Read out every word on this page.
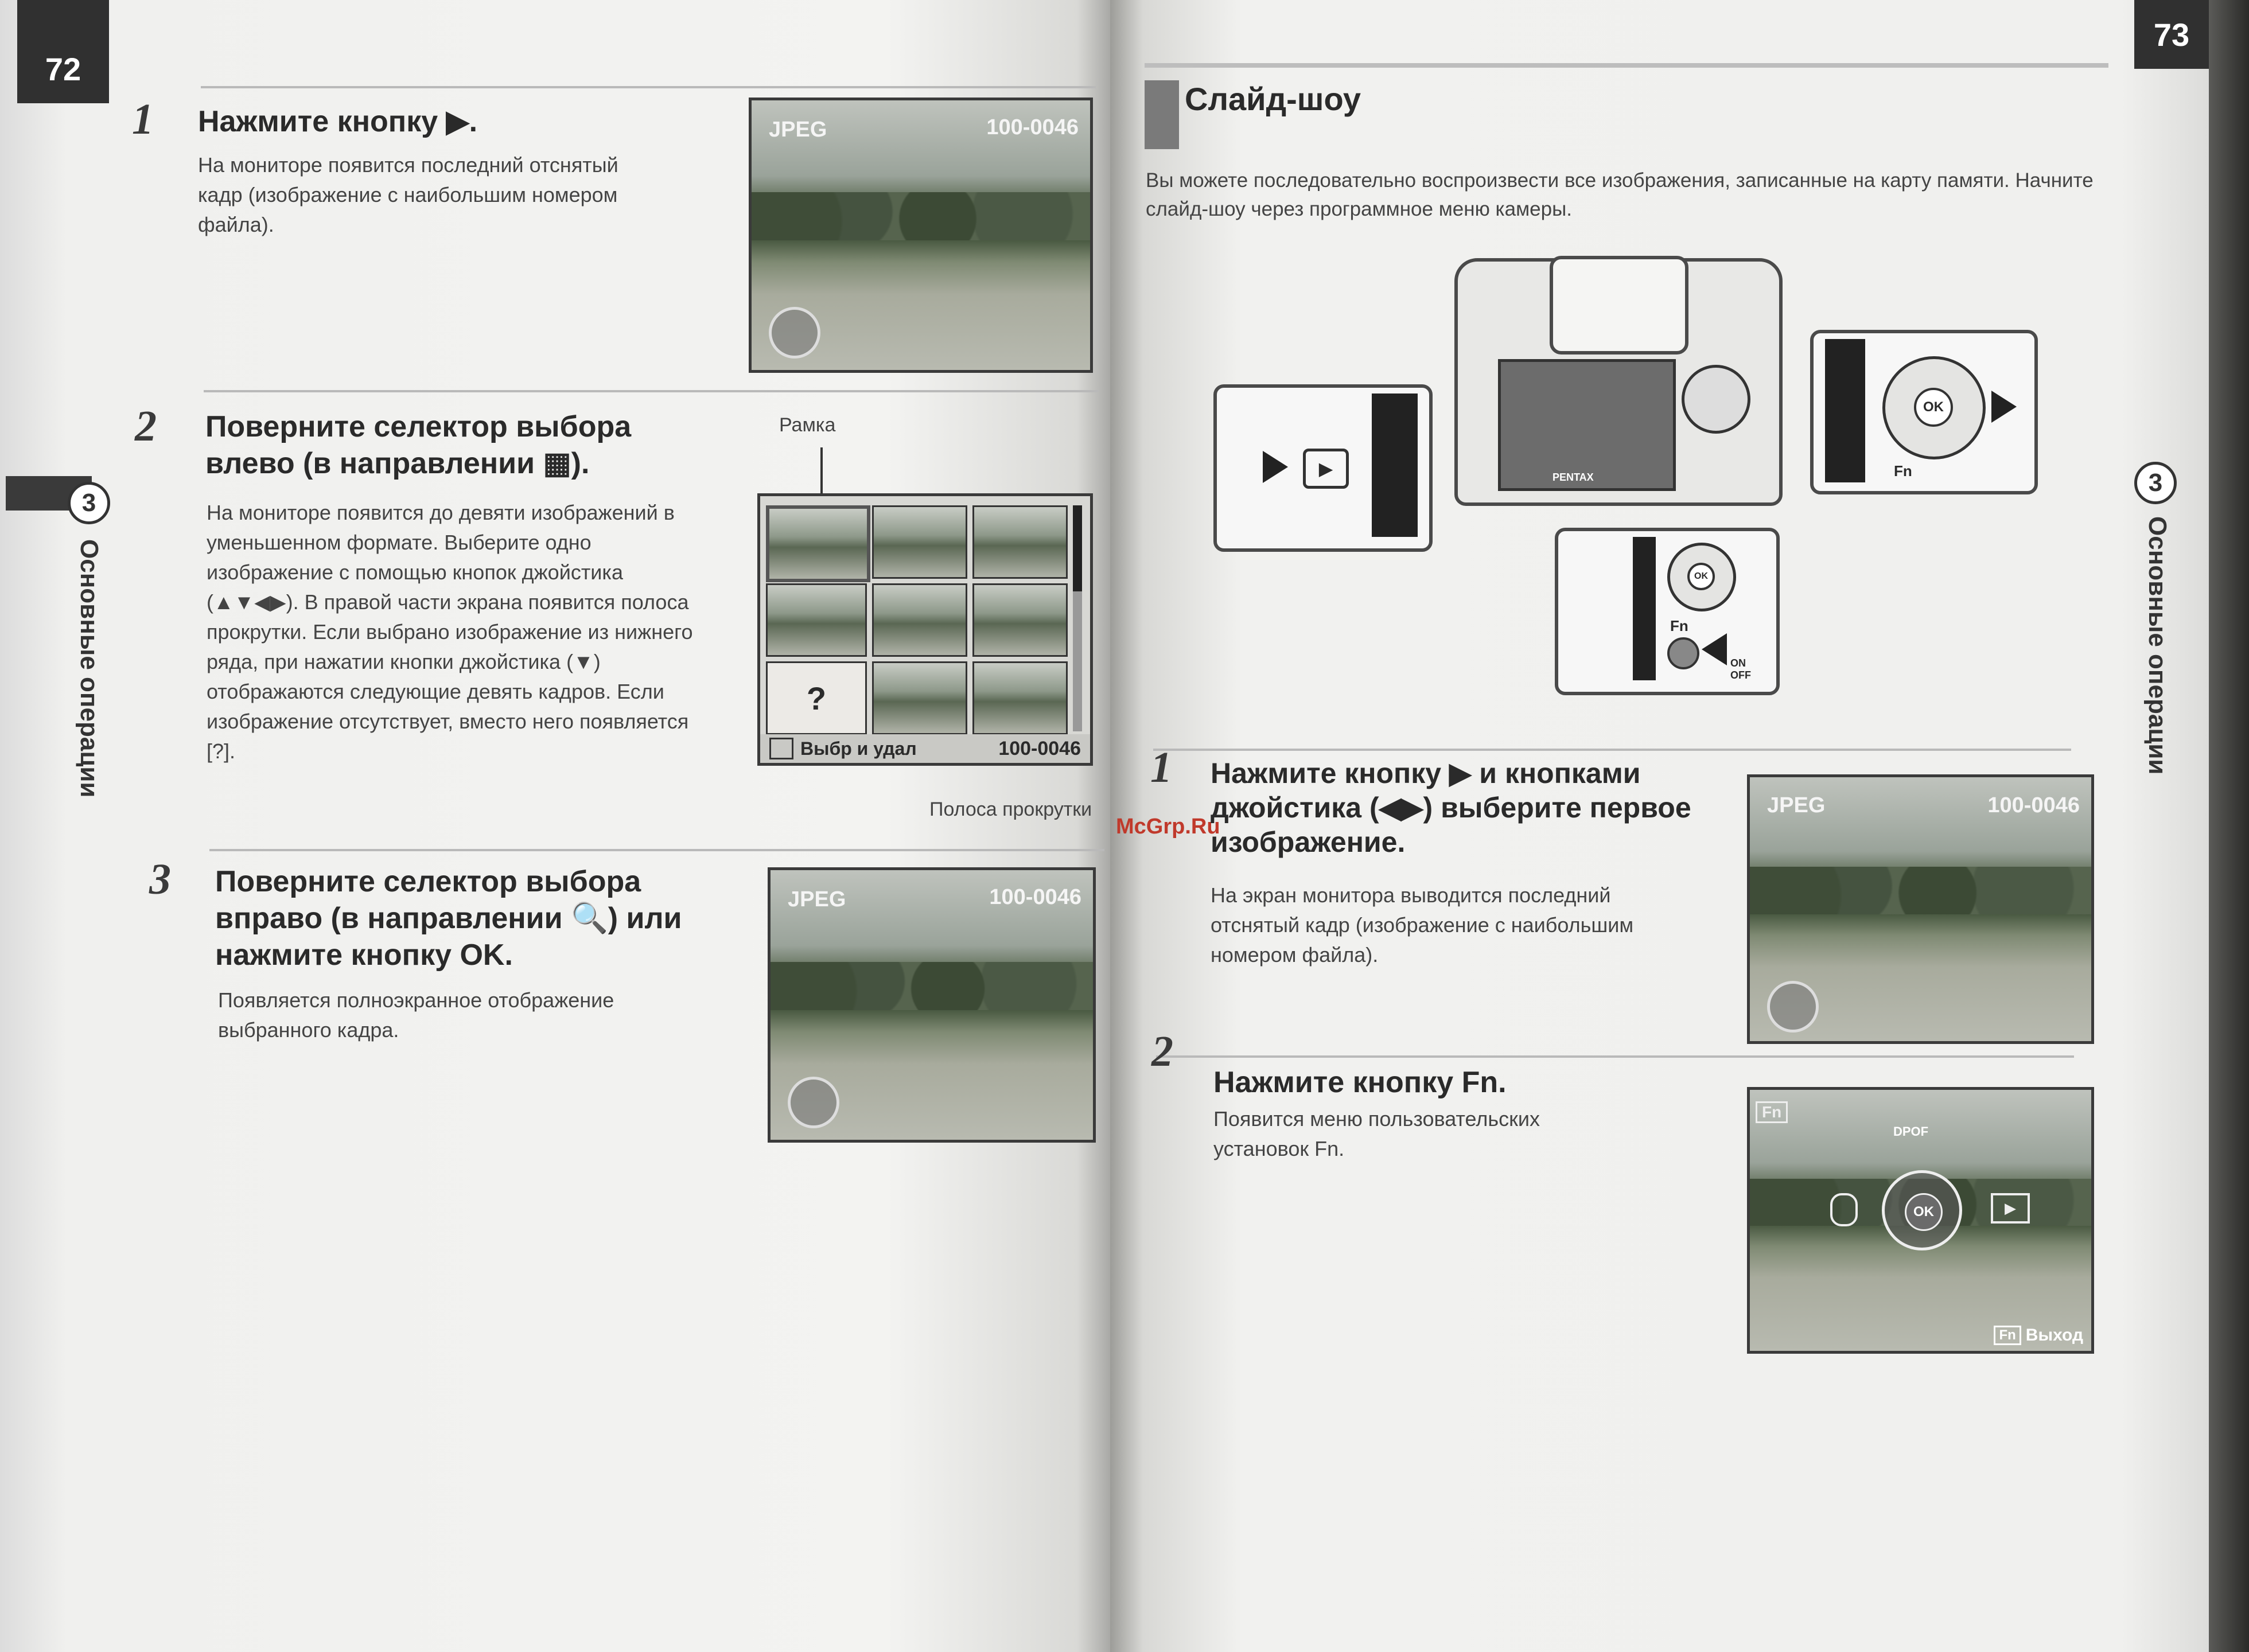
72
3
Основные операции
1 Нажмите кнопку ▶.
На мониторе появится последний отснятый кадр (изображение с наибольшим номером файла).
JPEG	100-0046
2 Поверните селектор выбора влево (в направлении ▦).
На мониторе появится до девяти изображений в уменьшенном формате. Выберите одно изображение с помощью кнопок джойстика (▲▼◀▶). В правой части экрана появится полоса прокрутки. Если выбрано изображение из нижнего ряда, при нажатии кнопки джойстика (▼) отображаются следующие девять кадров. Если изображение отсутствует, вместо него появляется [?].
Рамка
?
Выбр и удал	100-0046
Полоса прокрутки
3 Поверните селектор выбора вправо (в направлении 🔍) или нажмите кнопку OK.
Появляется полноэкранное отображение выбранного кадра.
JPEG	100-0046
73
3
Основные операции
Слайд-шоу
Вы можете последовательно воспроизвести все изображения, записанные на карту памяти. Начните слайд-шоу через программное меню камеры.
PENTAX
▶
OK
Fn
OK
Fn
ON OFF
McGrp.Ru
1 Нажмите кнопку ▶ и кнопками джойстика (◀▶) выберите первое изображение.
На экран монитора выводится последний отснятый кадр (изображение с наибольшим номером файла).
JPEG	100-0046
2
Нажмите кнопку Fn.
Появится меню пользовательских установок Fn.
Fn
DPOF
OK	▶
Fn Выход
